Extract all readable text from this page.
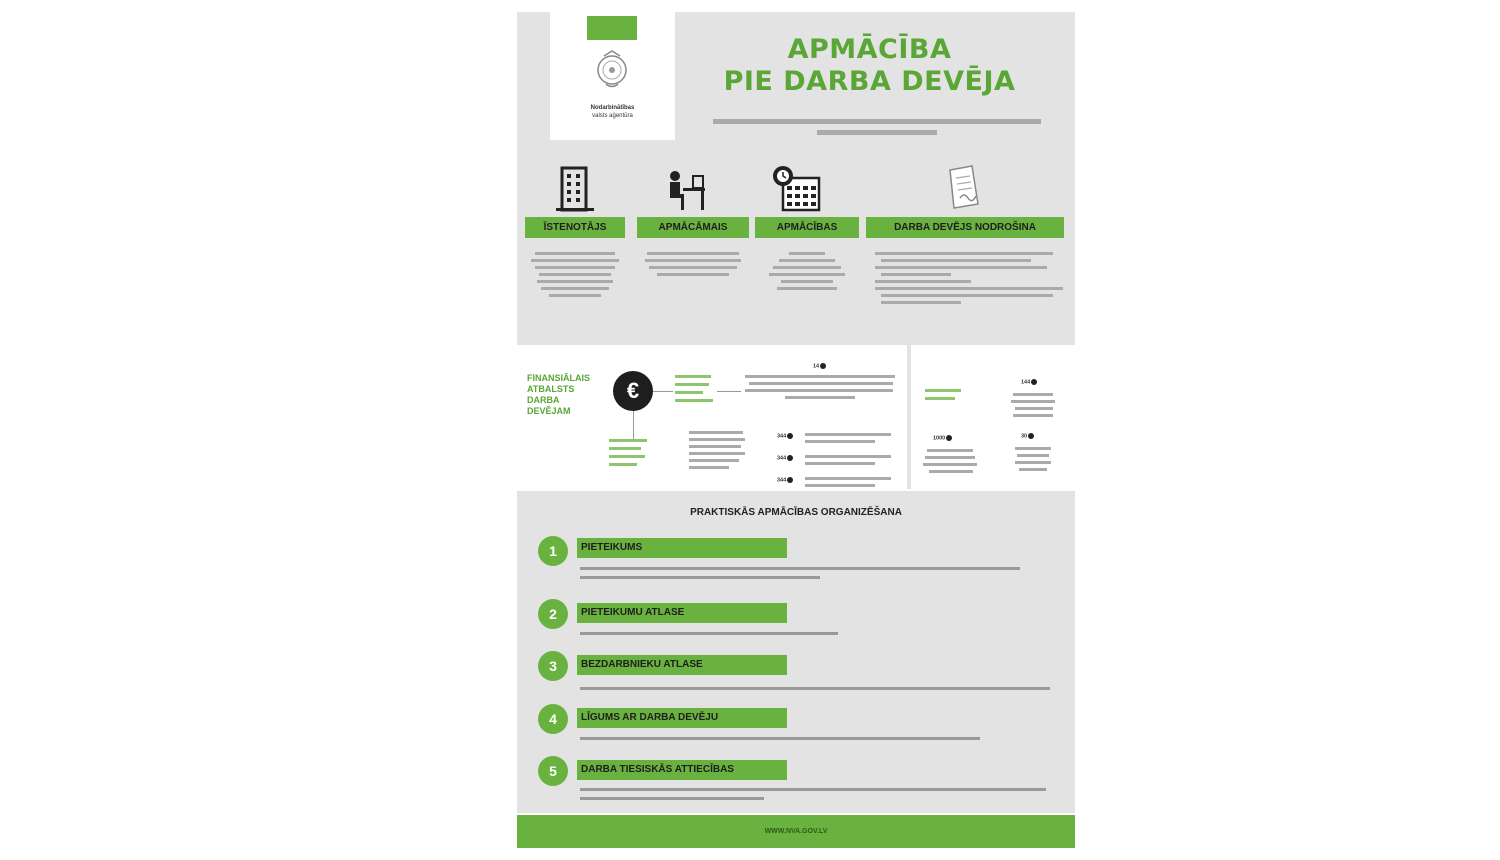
Nodarbinātības
valsts aģentūra
APMĀCĪBA
PIE DARBA DEVĒJA
ĪSTENOTĀJS	APMĀCĀMAIS	APMĀCĪBAS	DARBA DEVĒJS NODROŠINA
FINANSIĀLAIS
ATBALSTS
DARBA
DEVĒJAM
€
14
344
344
344
144
1000	30
PRAKTISKĀS APMĀCĪBAS ORGANIZĒŠANA
1	PIETEIKUMS
2	PIETEIKUMU ATLASE
3	BEZDARBNIEKU ATLASE
4	LĪGUMS AR DARBA DEVĒJU
5	DARBA TIESISKĀS ATTIECĪBAS
WWW.NVA.GOV.LV
